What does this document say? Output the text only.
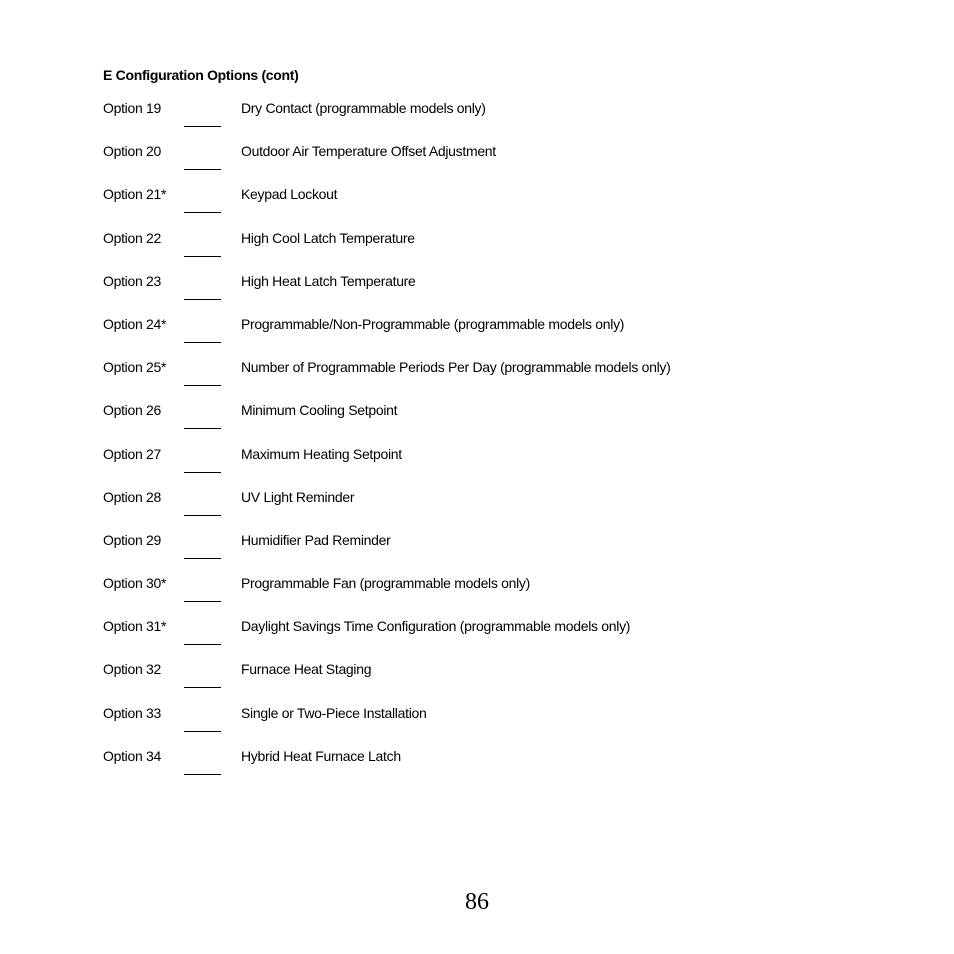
E Configuration Options (cont)
Option 19	Dry Contact (programmable models only)
Option 20	Outdoor Air Temperature Offset Adjustment
Option 21*	Keypad Lockout
Option 22	High Cool Latch Temperature
Option 23	High Heat Latch Temperature
Option 24*	Programmable/Non-Programmable (programmable models only)
Option 25*	Number of Programmable Periods Per Day (programmable models only)
Option 26	Minimum Cooling Setpoint
Option 27	Maximum Heating Setpoint
Option 28	UV Light Reminder
Option 29	Humidifier Pad Reminder
Option 30*	Programmable Fan (programmable models only)
Option 31*	Daylight Savings Time Configuration (programmable models only)
Option 32	Furnace Heat Staging
Option 33	Single or Two-Piece Installation
Option 34	Hybrid Heat Furnace Latch
86
